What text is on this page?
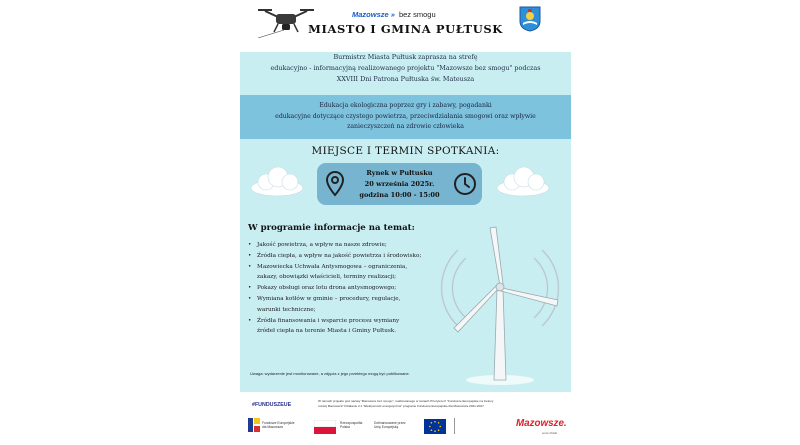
Mazowsze » bez smogu
MIASTO I GMINA PUŁTUSK
Burmistrz Miasta Pułtusk zaprasza na strefę
edukacyjno - informacyjną realizowanego projektu "Mazowsze bez smogu" podczas
XXVIII Dni Patrona Pułtuska św. Mateusza
Edukacja ekologiczna poprzez gry i zabawy, pogadanki
edukacyjne dotyczące czystego powietrza, przeciwdziałania smogowi oraz wpływie
zanieczyszczeń na zdrowie człowieka
MIEJSCE I TERMIN SPOTKANIA:
Rynek w Pułtusku
20 września 2025r.
godzina 10:00 - 15:00
W programie informacje na temat:
• Jakość powietrza, a wpływ na nasze zdrowie;
• Źródła ciepła, a wpływ na jakość powietrza i środowisko;
• Mazowiecka Uchwała Antysmogowa – ograniczenia,
zakazy, obowiązki właścicieli, terminy realizacji;
• Pokazy obsługi oraz lotu drona antysmogowego;
• Wymiana kotłów w gminie – procedury, regulacje,
warunki techniczne;
• Źródła finansowania i wsparcie procesu wymiany
źródeł ciepła na terenie Miasta i Gminy Pułtusk.
Uwaga: wydarzenie jest monitorowane, a zdjęcia z jego przebiegu mogą być publikowane.
#FUNDUSZEUE
W ramach projektu pod nazwą "Mazowsze bez smogu", realizowanego w ramach Priorytetu II "Fundusze Europejskie na zielony
rozwój Mazowsza" Działanie 2.1 "Efektywność energetyczna" programu Fundusze Europejskie dla Mazowsza 2021-2027
Fundusze Europejskie
dla Mazowsza
Rzeczpospolita
Polska
Dofinansowane przez
Unię Europejską	Mazowsze.
serce Polski
